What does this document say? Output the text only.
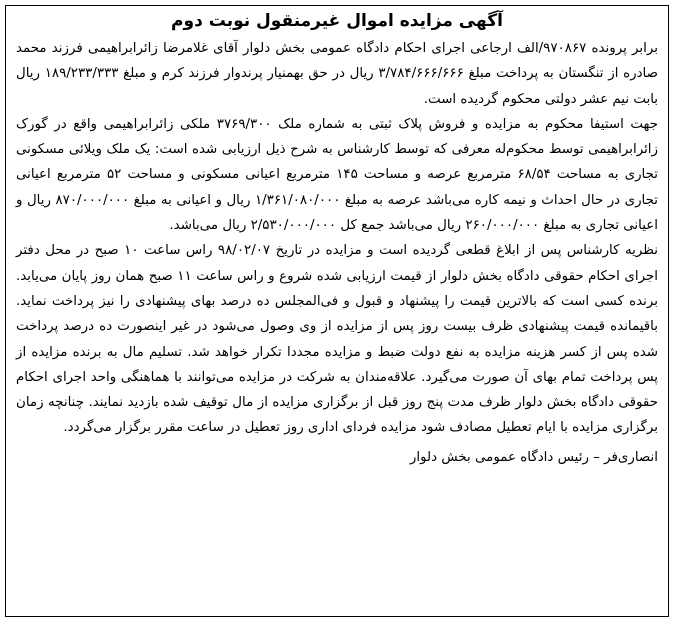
آگهی مزایده اموال غیرمنقول نوبت دوم

برابر پرونده ۹۷۰۸۶۷/الف ارجاعی اجرای احکام دادگاه عمومی بخش دلوار آقای غلامرضا زائرابراهیمی فرزند محمد صادره از تنگستان به پرداخت مبلغ ۳/۷۸۴/۶۶۶/۶۶۶ ریال در حق بهمنیار پرندوار فرزند کرم و مبلغ ۱۸۹/۲۳۳/۳۳۳ ریال بابت نیم عشر دولتی محکوم گردیده است.

جهت استیفا محکوم به مزایده و فروش پلاک ثبتی به شماره ملک ۳۷۶۹/۳۰۰ ملکی زائرابراهیمی واقع در گورک زائرابراهیمی توسط محکوم‌له معرفی که توسط کارشناس به شرح ذیل ارزیابی شده است: یک ملک ویلائی مسکونی تجاری به مساحت ۶۸/۵۴ مترمربع عرصه و مساحت ۱۴۵ مترمربع اعیانی مسکونی و مساحت ۵۲ مترمربع اعیانی تجاری در حال احداث و نیمه کاره می‌باشد عرصه به مبلغ ۱/۳۶۱/۰۸۰/۰۰۰ ریال و اعیانی به مبلغ ۸۷۰/۰۰۰/۰۰۰ ریال و اعیانی تجاری به مبلغ ۲۶۰/۰۰۰/۰۰۰ ریال می‌باشد جمع کل ۲/۵۳۰/۰۰۰/۰۰۰ ریال می‌باشد.

نظریه کارشناس پس از ابلاغ قطعی گردیده است و مزایده در تاریخ ۹۸/۰۲/۰۷ راس ساعت ۱۰ صبح در محل دفتر اجرای احکام حقوقی دادگاه بخش دلوار از قیمت ارزیابی شده شروع و راس ساعت ۱۱ صبح همان روز پایان می‌یابد. برنده کسی است که بالاترین قیمت را پیشنهاد و قبول و فی‌المجلس ده درصد بهای پیشنهادی را نیز پرداخت نماید. باقیمانده قیمت پیشنهادی ظرف بیست روز پس از مزایده از وی وصول می‌شود در غیر اینصورت ده درصد پرداخت شده پس از کسر هزینه مزایده به نفع دولت ضبط و مزایده مجددا تکرار خواهد شد. تسلیم مال به برنده مزایده از پس پرداخت تمام بهای آن صورت می‌گیرد. علاقه‌مندان به شرکت در مزایده می‌توانند با هماهنگی واحد اجرای احکام حقوقی دادگاه بخش دلوار ظرف مدت پنج روز قبل از برگزاری مزایده از مال توقیف شده بازدید نمایند. چنانچه زمان برگزاری مزایده با ایام تعطیل مصادف شود مزایده فردای اداری روز تعطیل در ساعت مقرر برگزار می‌گردد.

انصاری‌فر – رئیس دادگاه عمومی بخش دلوار
